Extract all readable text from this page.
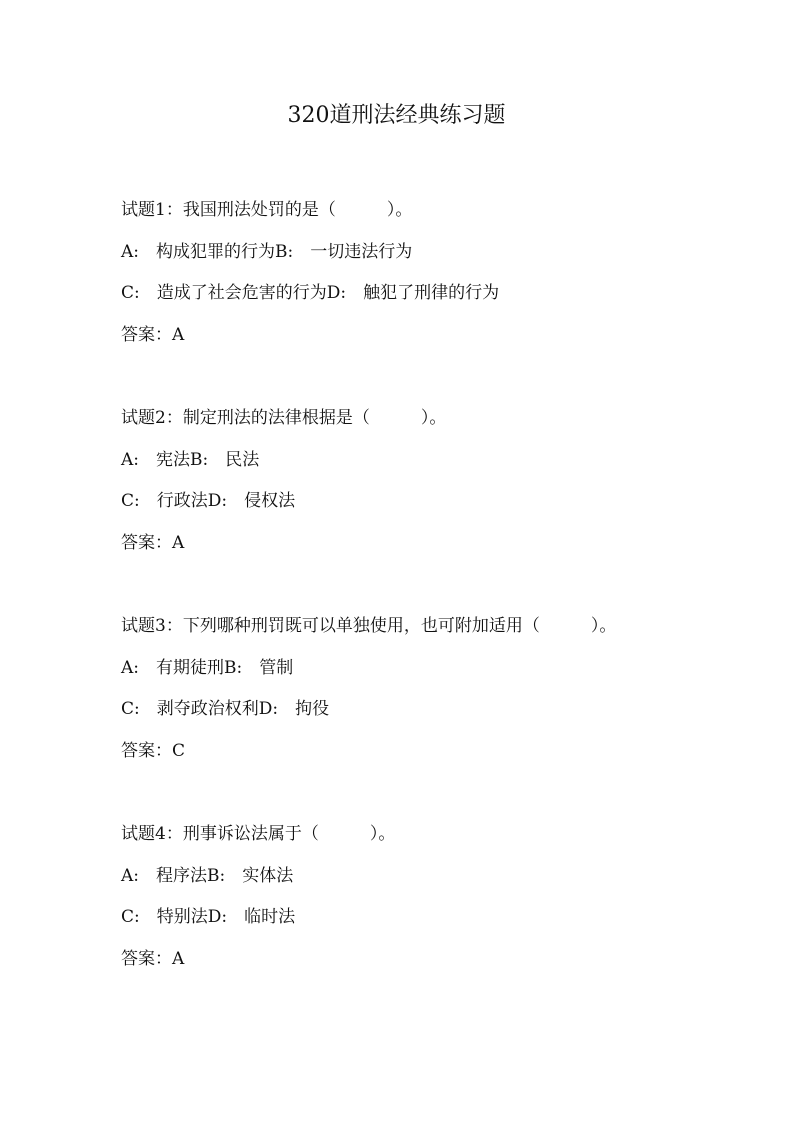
320道刑法经典练习题
试题1：我国刑法处罚的是（　　　）。
A:　构成犯罪的行为B:　一切违法行为
C:　造成了社会危害的行为D:　触犯了刑律的行为
答案：A
试题2：制定刑法的法律根据是（　　　）。
A:　宪法B:　民法
C:　行政法D:　侵权法
答案：A
试题3：下列哪种刑罚既可以单独使用，也可附加适用（　　　）。
A:　有期徒刑B:　管制
C:　剥夺政治权利D:　拘役
答案：C
试题4：刑事诉讼法属于（　　　）。
A:　程序法B:　实体法
C:　特别法D:　临时法
答案：A
